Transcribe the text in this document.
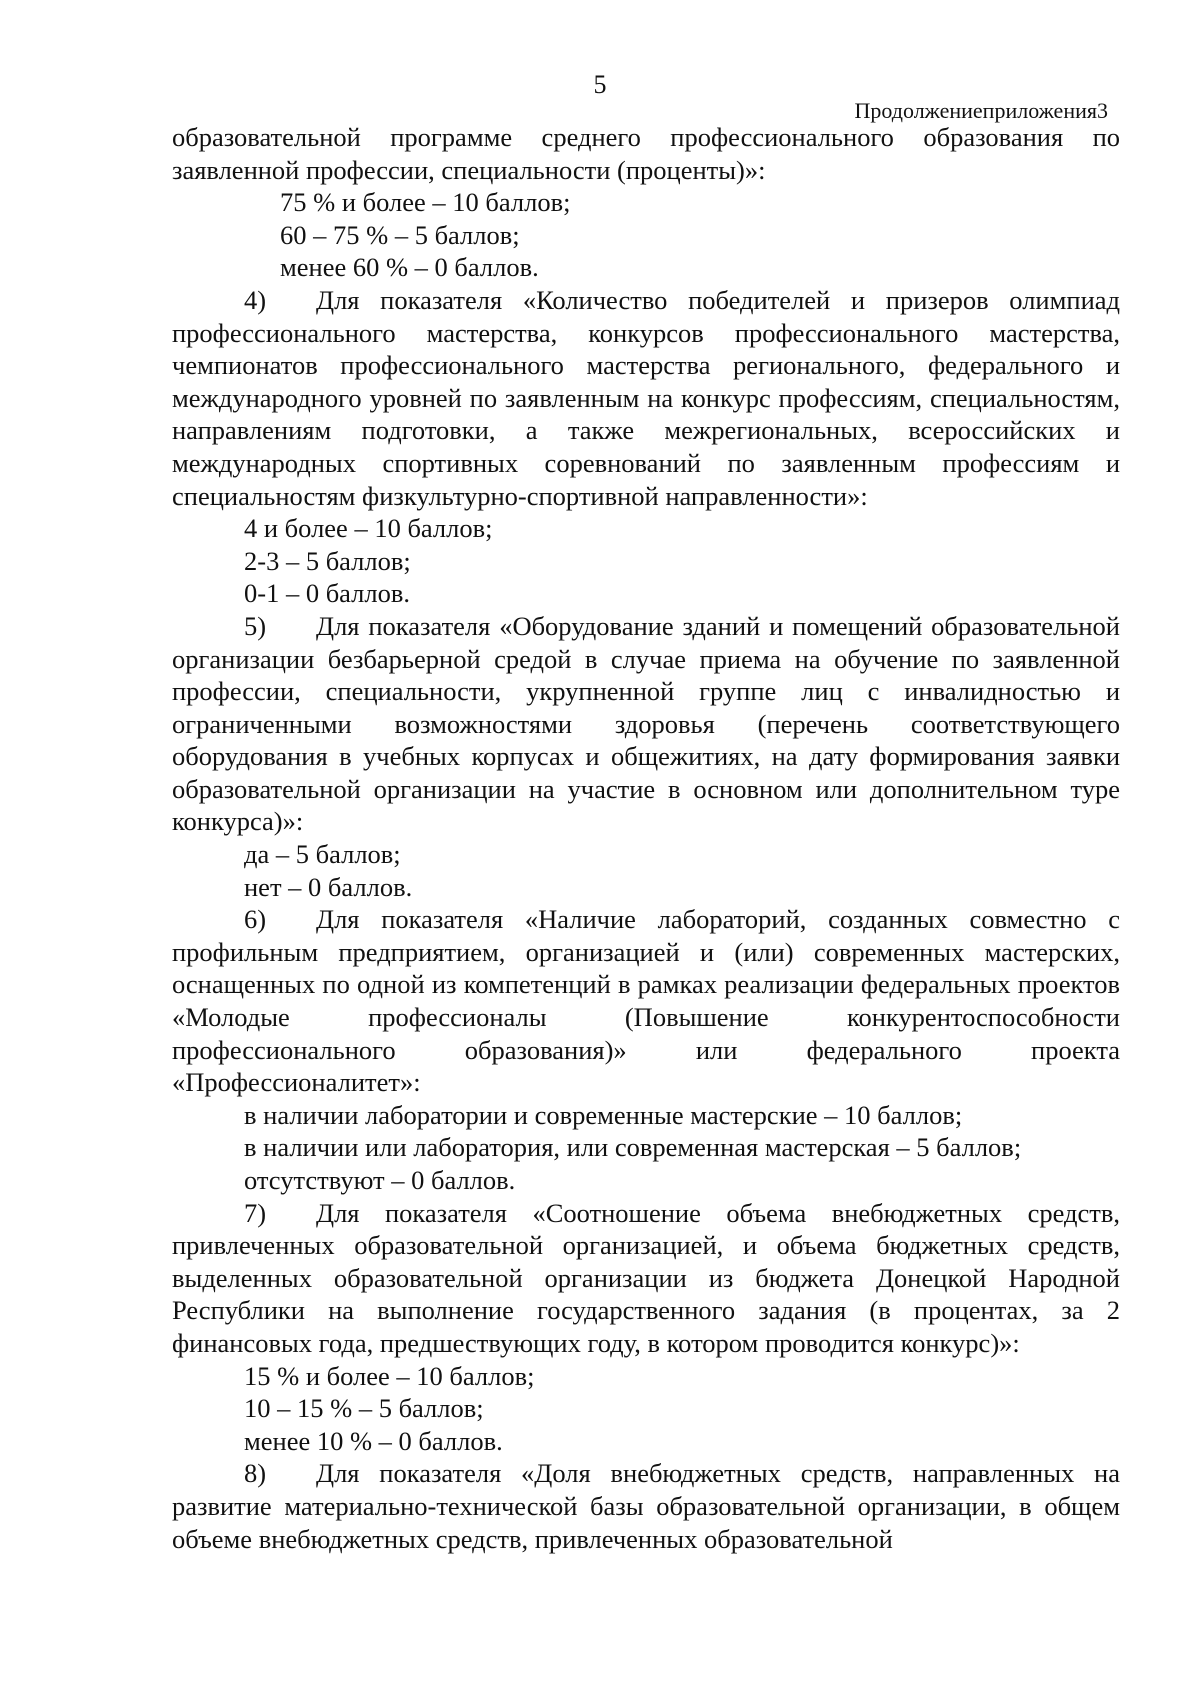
5
Продолжениеприложения3

образовательной программе среднего профессионального образования по заявленной профессии, специальности (проценты)»:

75 % и более – 10 баллов;

60 – 75 % – 5 баллов;

менее 60 % – 0 баллов.

4) Для показателя «Количество победителей и призеров олимпиад профессионального мастерства, конкурсов профессионального мастерства, чемпионатов профессионального мастерства регионального, федерального и международного уровней по заявленным на конкурс профессиям, специальностям, направлениям подготовки, а также межрегиональных, всероссийских и международных спортивных соревнований по заявленным профессиям и специальностям физкультурно-спортивной направленности»:

4 и более – 10 баллов;

2-3 – 5 баллов;

0-1 – 0 баллов.

5) Для показателя «Оборудование зданий и помещений образовательной организации безбарьерной средой в случае приема на обучение по заявленной профессии, специальности, укрупненной группе лиц с инвалидностью и ограниченными возможностями здоровья (перечень соответствующего оборудования в учебных корпусах и общежитиях, на дату формирования заявки образовательной организации на участие в основном или дополнительном туре конкурса)»:

да – 5 баллов;

нет – 0 баллов.

6) Для показателя «Наличие лабораторий, созданных совместно с профильным предприятием, организацией и (или) современных мастерских, оснащенных по одной из компетенций в рамках реализации федеральных проектов «Молодые профессионалы (Повышение конкурентоспособности профессионального образования)» или федерального проекта «Профессионалитет»:

в наличии лаборатории и современные мастерские – 10 баллов;

в наличии или лаборатория, или современная мастерская – 5 баллов;

отсутствуют – 0 баллов.

7) Для показателя «Соотношение объема внебюджетных средств, привлеченных образовательной организацией, и объема бюджетных средств, выделенных образовательной организации из бюджета Донецкой Народной Республики на выполнение государственного задания (в процентах, за 2 финансовых года, предшествующих году, в котором проводится конкурс)»:

15 % и более – 10 баллов;

10 – 15 % – 5 баллов;

менее 10 % – 0 баллов.

8) Для показателя «Доля внебюджетных средств, направленных на развитие материально-технической базы образовательной организации, в общем объеме внебюджетных средств, привлеченных образовательной
